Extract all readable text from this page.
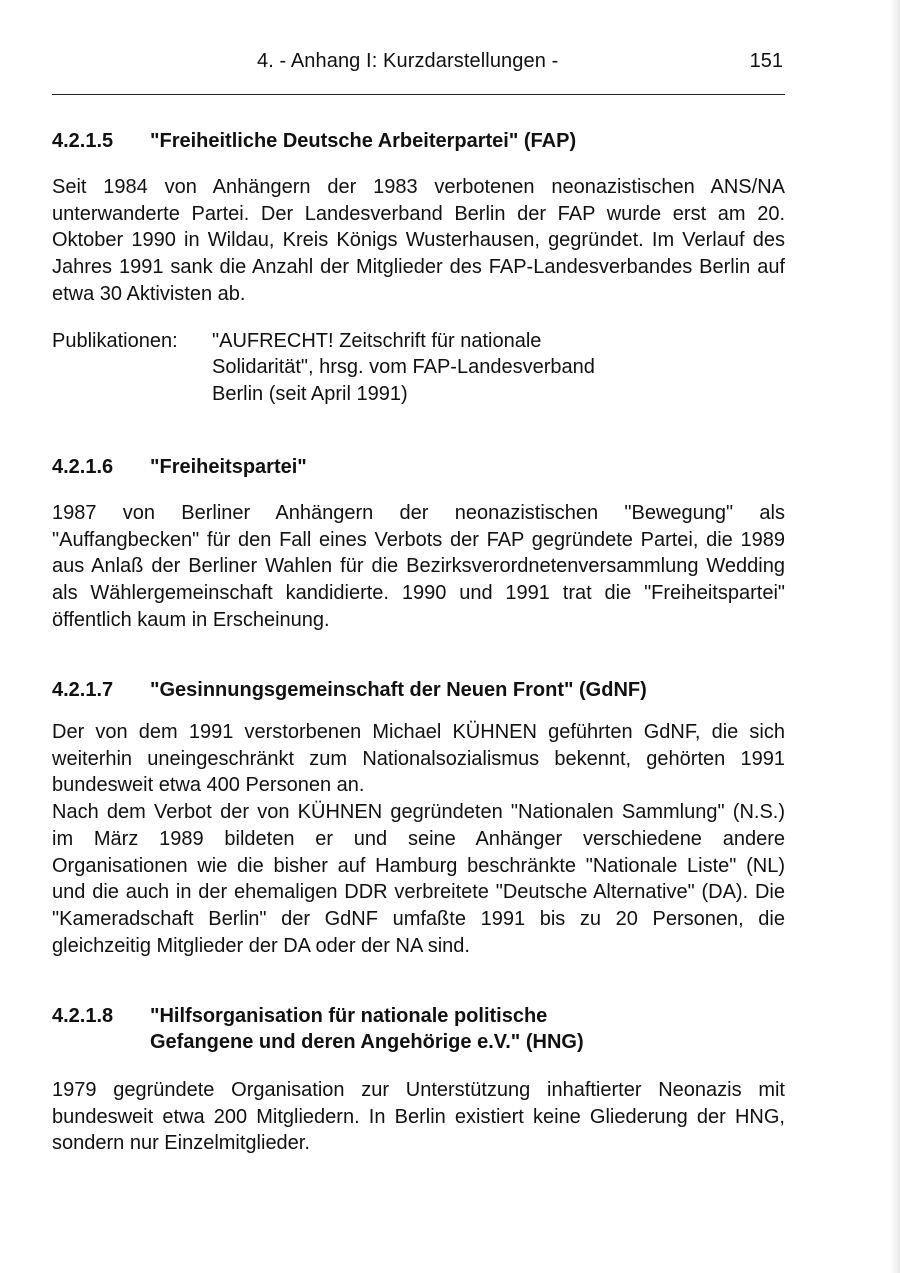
4. - Anhang I: Kurzdarstellungen -	151
4.2.1.5	"Freiheitliche Deutsche Arbeiterpartei" (FAP)

Seit 1984 von Anhängern der 1983 verbotenen neonazistischen ANS/NA unterwanderte Partei. Der Landesverband Berlin der FAP wurde erst am 20. Oktober 1990 in Wildau, Kreis Königs Wusterhausen, gegründet. Im Verlauf des Jahres 1991 sank die Anzahl der Mitglieder des FAP-Landesverbandes Berlin auf etwa 30 Aktivisten ab.

Publikationen:	"AUFRECHT! Zeitschrift für nationale
Solidarität", hrsg. vom FAP-Landesverband
Berlin (seit April 1991)
4.2.1.6	"Freiheitspartei"

1987 von Berliner Anhängern der neonazistischen "Bewegung" als "Auffangbecken" für den Fall eines Verbots der FAP gegründete Partei, die 1989 aus Anlaß der Berliner Wahlen für die Bezirksverordnetenversammlung Wedding als Wählergemeinschaft kandidierte. 1990 und 1991 trat die "Freiheitspartei" öffentlich kaum in Erscheinung.

4.2.1.7	"Gesinnungsgemeinschaft der Neuen Front" (GdNF)

Der von dem 1991 verstorbenen Michael KÜHNEN geführten GdNF, die sich weiterhin uneingeschränkt zum Nationalsozialismus bekennt, gehörten 1991 bundesweit etwa 400 Personen an.

Nach dem Verbot der von KÜHNEN gegründeten "Nationalen Sammlung" (N.S.) im März 1989 bildeten er und seine Anhänger verschiedene andere Organisationen wie die bisher auf Hamburg beschränkte "Nationale Liste" (NL) und die auch in der ehemaligen DDR verbreitete "Deutsche Alternative" (DA). Die "Kameradschaft Berlin" der GdNF umfaßte 1991 bis zu 20 Personen, die gleichzeitig Mitglieder der DA oder der NA sind.

4.2.1.8	"Hilfsorganisation für nationale politische
Gefangene und deren Angehörige e.V." (HNG)

1979 gegründete Organisation zur Unterstützung inhaftierter Neonazis mit bundesweit etwa 200 Mitgliedern. In Berlin existiert keine Gliederung der HNG, sondern nur Einzelmitglieder.
